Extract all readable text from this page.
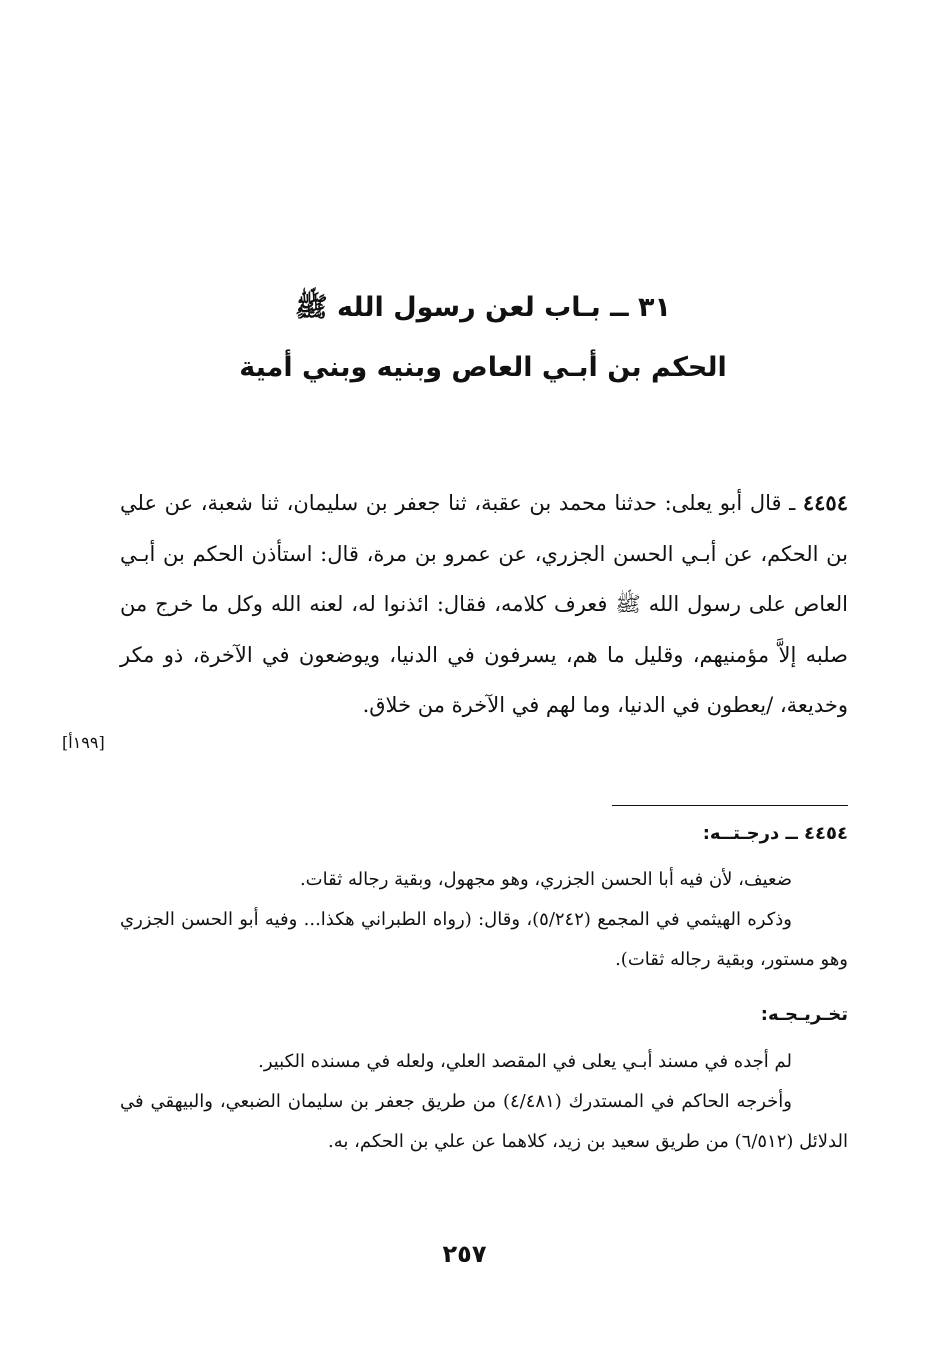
٣١ ــ بـاب لعن رسول الله ﷺ
الحكم بن أبـي العاص وبنيه وبني أمية
٤٤٥٤ ـ قال أبو يعلى: حدثنا محمد بن عقبة، ثنا جعفر بن سليمان، ثنا شعبة، عن علي بن الحكم، عن أبـي الحسن الجزري، عن عمرو بن مرة، قال: استأذن الحكم بن أبـي العاص على رسول الله ﷺ فعرف كلامه، فقال: ائذنوا له، لعنه الله وكل ما خرج من صلبه إلاَّ مؤمنيهم، وقليل ما هم، يسرفون في الدنيا، ويوضعون في الآخرة، ذو مكر وخديعة، /يعطون في الدنيا، وما لهم في الآخرة من خلاق.
[١٩٩أ]
٤٤٥٤ ــ درجـتــه:

ضعيف، لأن فيه أبا الحسن الجزري، وهو مجهول، وبقية رجاله ثقات.

وذكره الهيثمي في المجمع (٥/٢٤٢)، وقال: (رواه الطبراني هكذا... وفيه أبو الحسن الجزري وهو مستور، وبقية رجاله ثقات).

تخـريـجـه:

لم أجده في مسند أبـي يعلى في المقصد العلي، ولعله في مسنده الكبير.

وأخرجه الحاكم في المستدرك (٤/٤٨١) من طريق جعفر بن سليمان الضبعي، والبيهقي في الدلائل (٦/٥١٢) من طريق سعيد بن زيد، كلاهما عن علي بن الحكم، به.

٢٥٧
